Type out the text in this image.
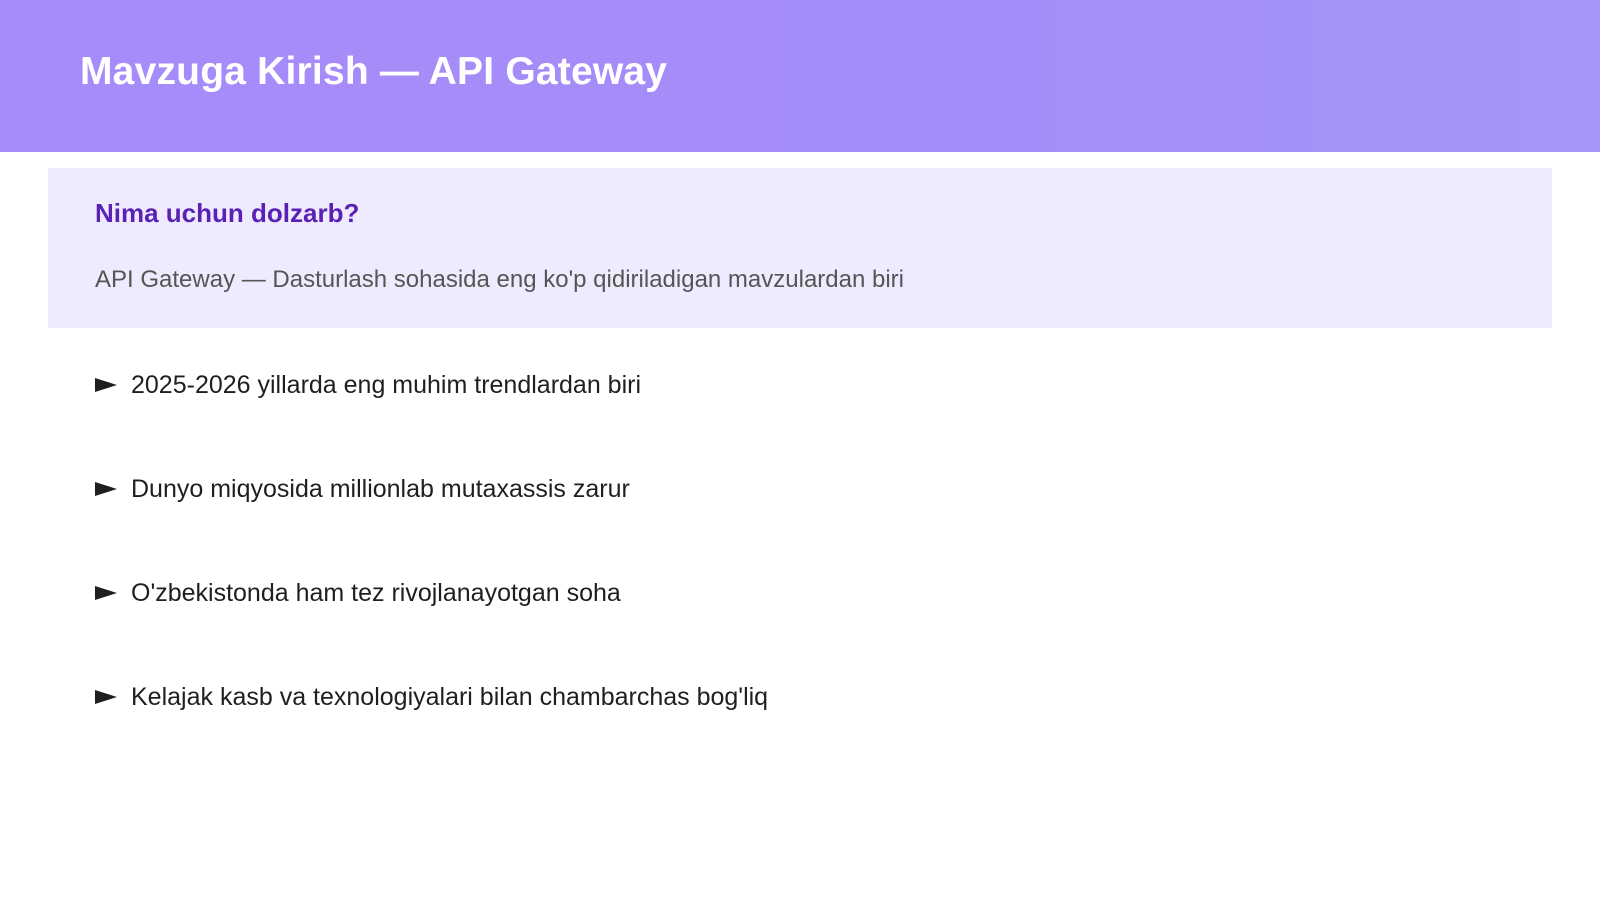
Mavzuga Kirish — API Gateway
Nima uchun dolzarb?

API Gateway — Dasturlash sohasida eng ko'p qidiriladigan mavzulardan biri

2025-2026 yillarda eng muhim trendlardan biri
Dunyo miqyosida millionlab mutaxassis zarur
O'zbekistonda ham tez rivojlanayotgan soha
Kelajak kasb va texnologiyalari bilan chambarchas bog'liq
